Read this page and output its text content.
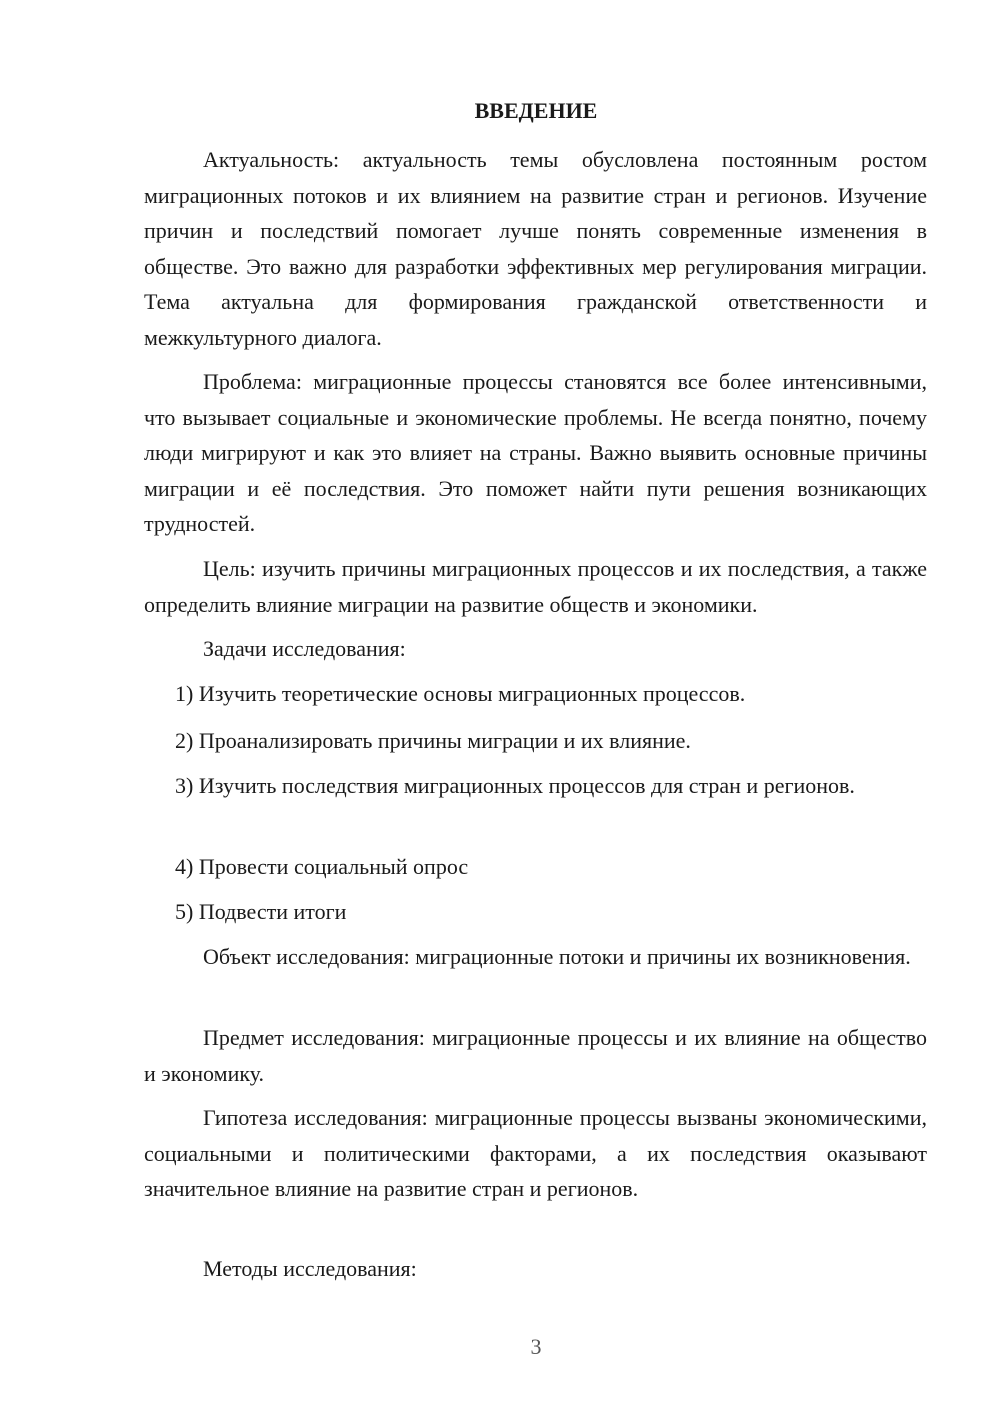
ВВЕДЕНИЕ

Актуальность: актуальность темы обусловлена постоянным ростом миграционных потоков и их влиянием на развитие стран и регионов. Изучение причин и последствий помогает лучше понять современные изменения в обществе. Это важно для разработки эффективных мер регулирования миграции. Тема актуальна для формирования гражданской ответственности и межкультурного диалога.

Проблема: миграционные процессы становятся все более интенсивными, что вызывает социальные и экономические проблемы. Не всегда понятно, почему люди мигрируют и как это влияет на страны. Важно выявить основные причины миграции и её последствия. Это поможет найти пути решения возникающих трудностей.

Цель: изучить причины миграционных процессов и их последствия, а также определить влияние миграции на развитие обществ и экономики.

Задачи исследования:

1) Изучить теоретические основы миграционных процессов.

2) Проанализировать причины миграции и их влияние.

3) Изучить последствия миграционных процессов для стран и регионов.

4) Провести социальный опрос

5) Подвести итоги

Объект исследования: миграционные потоки и причины их возникновения.

Предмет исследования: миграционные процессы и их влияние на общество и экономику.

Гипотеза исследования: миграционные процессы вызваны экономическими, социальными и политическими факторами, а их последствия оказывают значительное влияние на развитие стран и регионов.

Методы исследования:

3
